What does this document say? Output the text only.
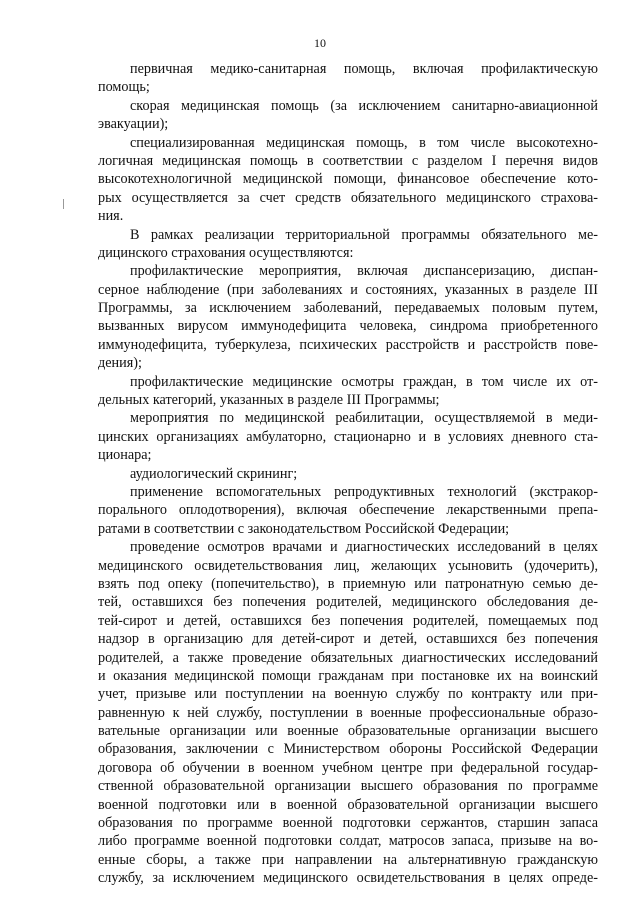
10
первичная медико-санитарная помощь, включая профилактическую
помощь;
скорая медицинская помощь (за исключением санитарно-авиационной
эвакуации);
специализированная медицинская помощь, в том числе высокотехно-
логичная медицинская помощь в соответствии с разделом I перечня видов
высокотехнологичной медицинской помощи, финансовое обеспечение кото-
рых осуществляется за счет средств обязательного медицинского страхова-
ния.
В рамках реализации территориальной программы обязательного ме-
дицинского страхования осуществляются:
профилактические мероприятия, включая диспансеризацию, диспан-
серное наблюдение (при заболеваниях и состояниях, указанных в разделе III
Программы, за исключением заболеваний, передаваемых половым путем,
вызванных вирусом иммунодефицита человека, синдрома приобретенного
иммунодефицита, туберкулеза, психических расстройств и расстройств пове-
дения);
профилактические медицинские осмотры граждан, в том числе их от-
дельных категорий, указанных в разделе III Программы;
мероприятия по медицинской реабилитации, осуществляемой в меди-
цинских организациях амбулаторно, стационарно и в условиях дневного ста-
ционара;
аудиологический скрининг;
применение вспомогательных репродуктивных технологий (экстракор-
порального оплодотворения), включая обеспечение лекарственными препа-
ратами в соответствии с законодательством Российской Федерации;
проведение осмотров врачами и диагностических исследований в целях
медицинского освидетельствования лиц, желающих усыновить (удочерить),
взять под опеку (попечительство), в приемную или патронатную семью де-
тей, оставшихся без попечения родителей, медицинского обследования де-
тей-сирот и детей, оставшихся без попечения родителей, помещаемых под
надзор в организацию для детей-сирот и детей, оставшихся без попечения
родителей, а также проведение обязательных диагностических исследований
и оказания медицинской помощи гражданам при постановке их на воинский
учет, призыве или поступлении на военную службу по контракту или при-
равненную к ней службу, поступлении в военные профессиональные образо-
вательные организации или военные образовательные организации высшего
образования, заключении с Министерством обороны Российской Федерации
договора об обучении в военном учебном центре при федеральной государ-
ственной образовательной организации высшего образования по программе
военной подготовки или в военной образовательной организации высшего
образования по программе военной подготовки сержантов, старшин запаса
либо программе военной подготовки солдат, матросов запаса, призыве на во-
енные сборы, а также при направлении на альтернативную гражданскую
службу, за исключением медицинского освидетельствования в целях опреде-
